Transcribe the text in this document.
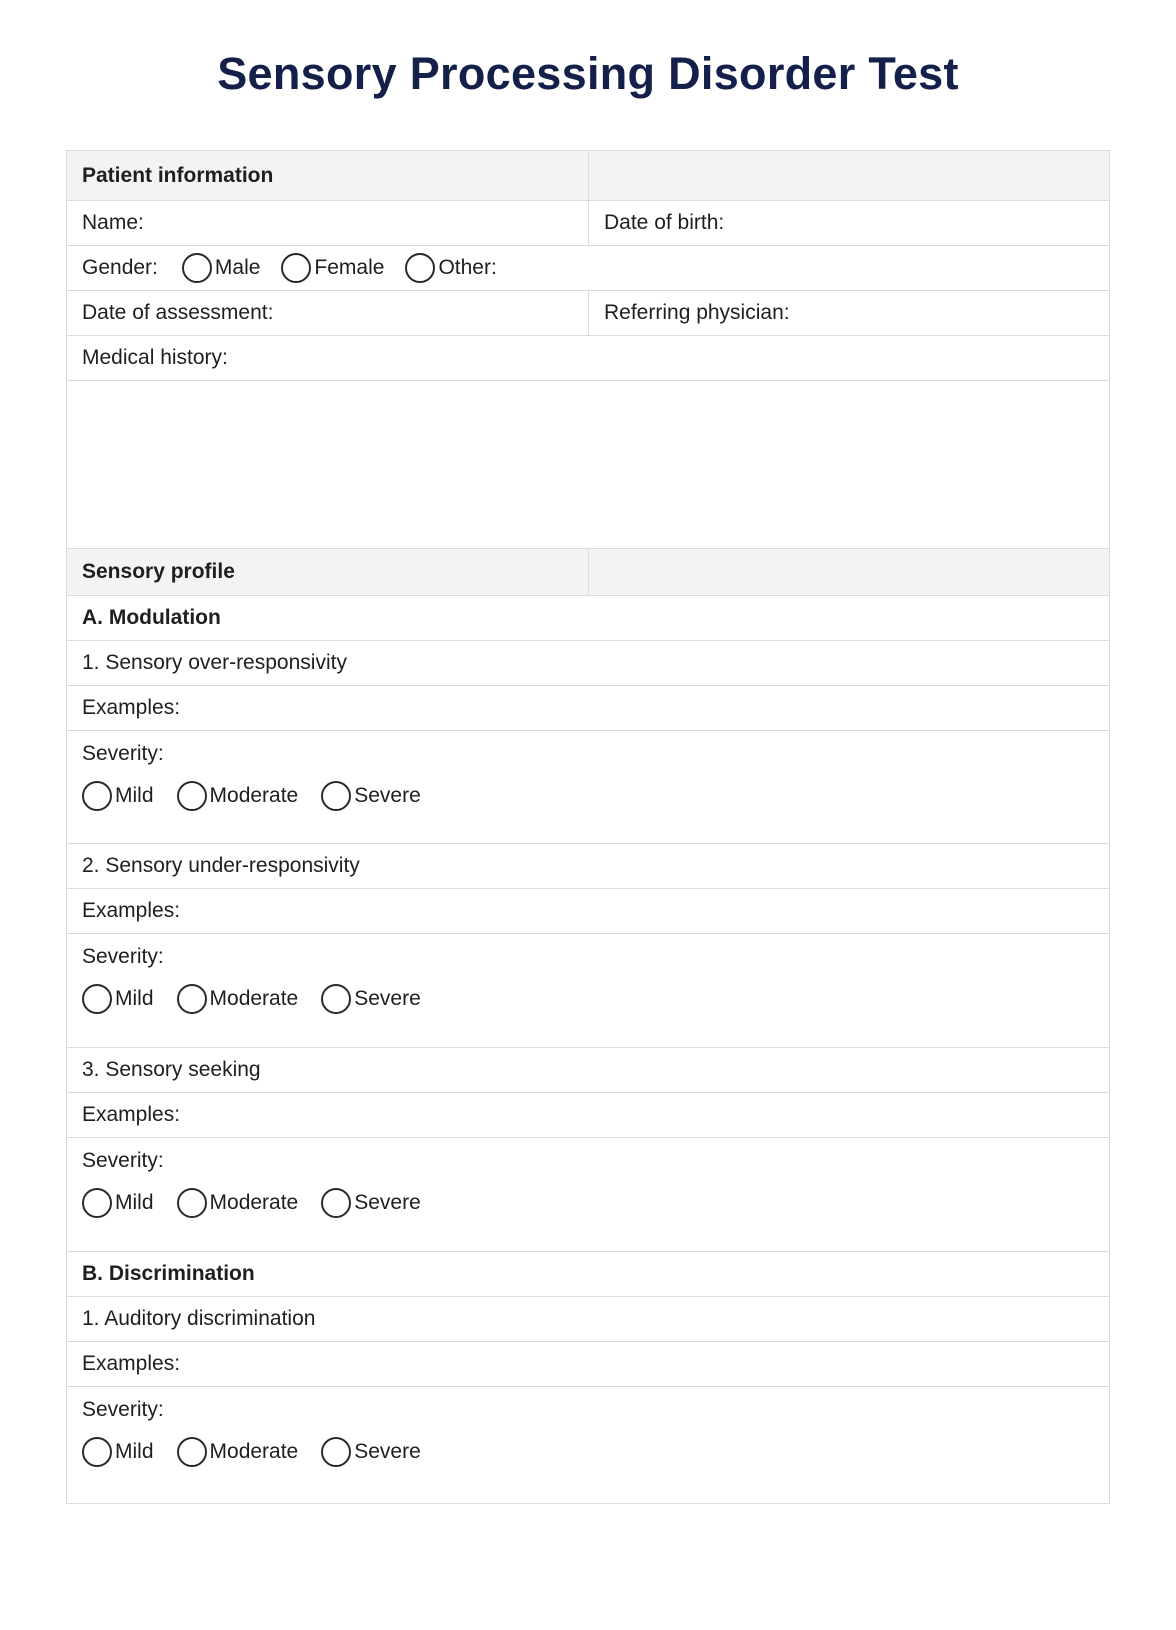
Sensory Processing Disorder Test
Patient information
Name:	Date of birth:
Gender:	Male	Female	Other:
Date of assessment:	Referring physician:
Medical history:
Sensory profile
A. Modulation
1. Sensory over-responsivity
Examples:
Severity:
Mild	Moderate	Severe
2. Sensory under-responsivity
Examples:
Severity:
Mild	Moderate	Severe
3. Sensory seeking
Examples:
Severity:
Mild	Moderate	Severe
B. Discrimination
1. Auditory discrimination
Examples:
Severity:
Mild	Moderate	Severe
